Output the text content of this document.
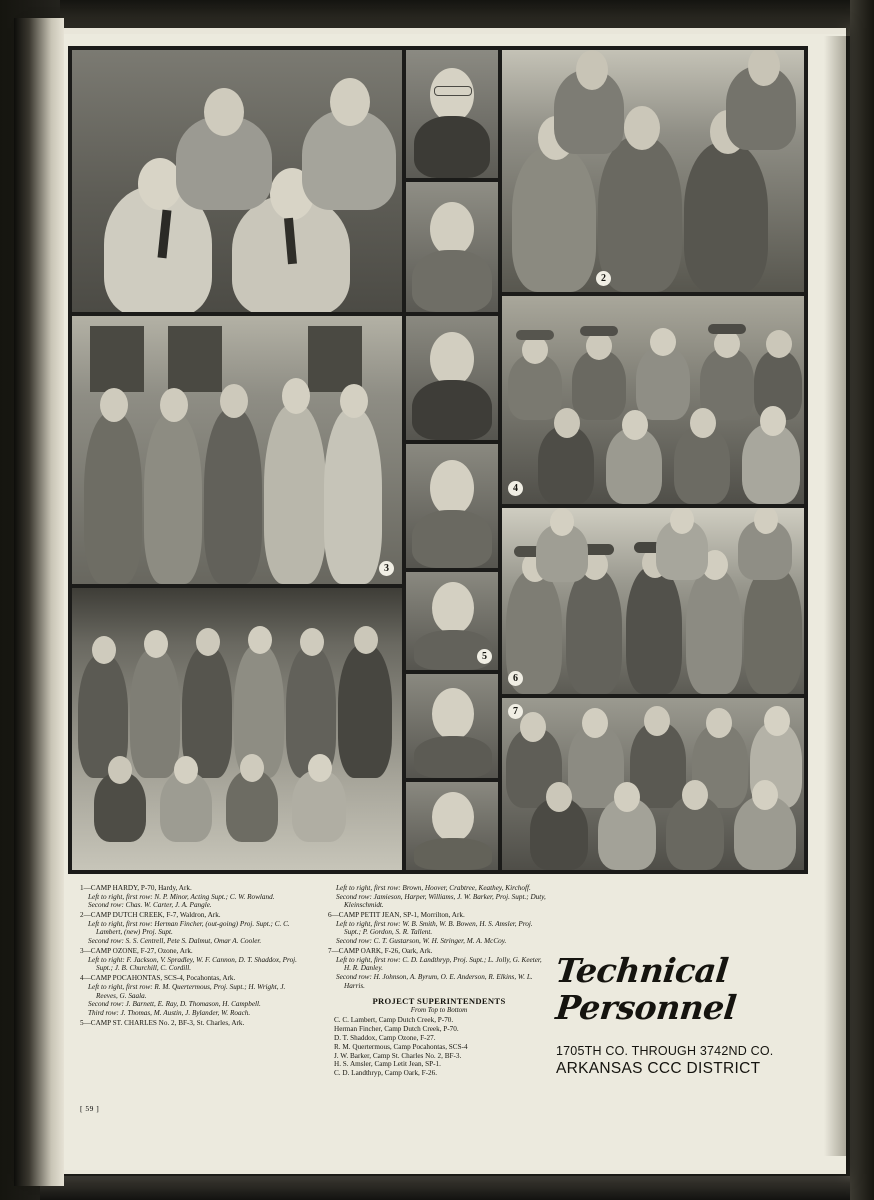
2
3
5
4
6
7
1—CAMP HARDY, P-70, Hardy, Ark.
Left to right, first row: N. P. Minor, Acting Supt.; C. W. Rowland.
Second row: Chas. W. Carter, J. A. Pangle.
2—CAMP DUTCH CREEK, F-7, Waldron, Ark.
Left to right, first row: Herman Fincher, (out-going) Proj. Supt.; C. C. Lambert, (new) Proj. Supt.
Second row: S. S. Centrell, Pete S. Dalmut, Omar A. Cooler.
3—CAMP OZONE, F-27, Ozone, Ark.
Left to right: F. Jackson, V. Spradley, W. F. Cannon, D. T. Shaddox, Proj. Supt.; J. B. Churchill, C. Cordill.
4—CAMP POCAHONTAS, SCS-4, Pocahontas, Ark.
Left to right, first row: R. M. Quertermous, Proj. Supt.; H. Wright, J. Reeves, G. Saala.
Second row: J. Barnett, E. Ray, D. Thomason, H. Campbell.
Third row: J. Thomas, M. Austin, J. Bylander, W. Roach.
5—CAMP ST. CHARLES No. 2, BF-3, St. Charles, Ark.
Left to right, first row: Brown, Hoover, Crabtree, Keathey, Kirchoff.
Second row: Jamieson, Harper, Williams, J. W. Barker, Proj. Supt.; Duty, Kleinschmidt.
6—CAMP PETIT JEAN, SP-1, Morrilton, Ark.
Left to right, first row: W. B. Smith, W. B. Bowen, H. S. Amsler, Proj. Supt.; P. Gordon, S. R. Tallent.
Second row: C. T. Gustarson, W. H. Stringer, M. A. McCoy.
7—CAMP OARK, F-26, Oark, Ark.
Left to right, first row: C. D. Landthryp, Proj. Supt.; L. Jolly, G. Keeter, H. R. Danley.
Second row: H. Johnson, A. Byrum, O. E. Anderson, R. Elkins, W. L. Harris.
PROJECT SUPERINTENDENTS
From Top to Bottom
C. C. Lambert, Camp Dutch Creek, P-70.
Herman Fincher, Camp Dutch Creek, P-70.
D. T. Shaddox, Camp Ozone, F-27.
R. M. Quertermous, Camp Pocahontas, SCS-4
J. W. Barker, Camp St. Charles No. 2, BF-3.
H. S. Amsler, Camp Letit Jean, SP-1.
C. D. Landthryp, Camp Oark, F-26.
[ 59 ]
Technical
Personnel
1705TH CO. THROUGH 3742ND CO.
ARKANSAS CCC DISTRICT
